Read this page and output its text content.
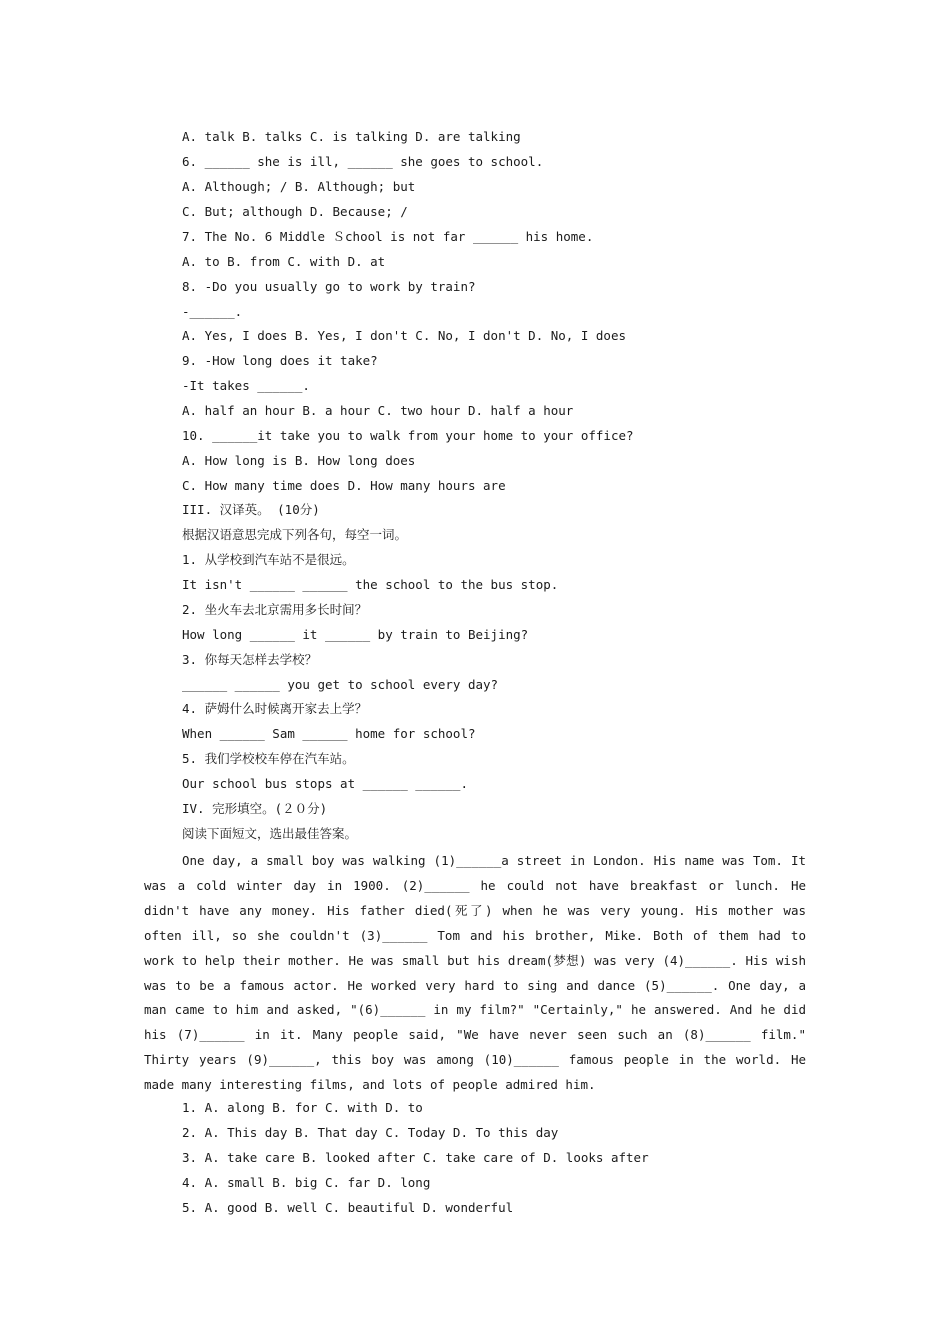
A. talk B. talks C. is talking D. are talking
6. ______ she is ill, ______ she goes to school.
A. Although; / B. Although; but
C. But; although D. Because; /
7. The No. 6 Middle Ｓchool is not far ______ his home.
A. to B. from C. with D. at
8. -Do you usually go to work by train?
-______.
A. Yes, I does B. Yes, I don't C. No, I don't D. No, I does
9. -How long does it take?
-It takes ______.
A. half an hour B. a hour C. two hour D. half a hour
10. ______it take you to walk from your home to your office?
A. How long is B. How long does
C. How many time does D. How many hours are
III. 汉译英。 (10分)
根据汉语意思完成下列各句，每空一词。
1. 从学校到汽车站不是很远。
It isn't ______ ______ the school to the bus stop.
2. 坐火车去北京需用多长时间？
How long ______ it ______ by train to Beijing?
3. 你每天怎样去学校？
______ ______ you get to school every day?
4. 萨姆什么时候离开家去上学？
When ______ Sam ______ home for school?
5. 我们学校校车停在汽车站。
Our school bus stops at ______ ______.
IV. 完形填空。(２０分)
阅读下面短文，选出最佳答案。

One day, a small boy was walking (1)______a street in London. His name was Tom. It was a cold winter day in 1900. (2)______ he could not have breakfast or lunch. He didn't have any money. His father died(死了) when he was very young. His mother was often ill, so she couldn't (3)______ Tom and his brother, Mike. Both of them had to work to help their mother. He was small but his dream(梦想) was very (4)______. His wish was to be a famous actor. He worked very hard to sing and dance (5)______. One day, a man came to him and asked, "(6)______ in my film?" "Certainly," he answered. And he did his (7)______ in it. Many people said, "We have never seen such an (8)______ film." Thirty years (9)______, this boy was among (10)______ famous people in the world. He made many interesting films, and lots of people admired him.

1. A. along B. for C. with D. to
2. A. This day B. That day C. Today D. To this day
3. A. take care B. looked after C. take care of D. looks after
4. A. small B. big C. far D. long
5. A. good B. well C. beautiful D. wonderful
